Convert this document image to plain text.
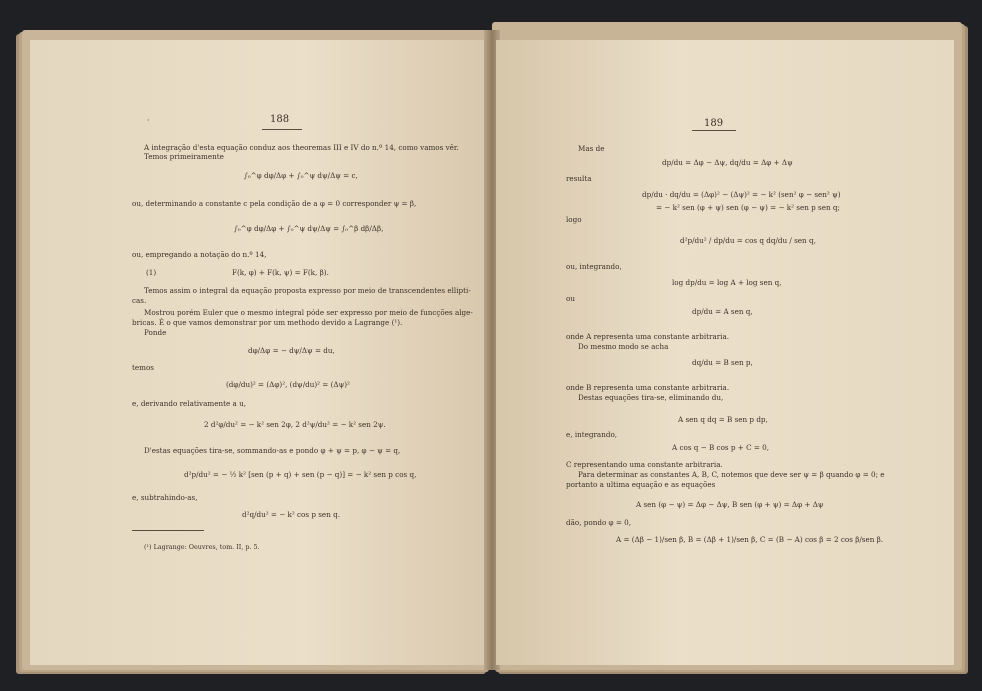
·	188
A integração d'esta equação conduz aos theoremas III e IV do n.º 14, como vamos vêr.
Temos primeiramente
∫₀^φ dφ/Δφ + ∫₀^ψ dψ/Δψ = c,
ou, determinando a constante c pela condição de a φ = 0 corresponder ψ = β,
∫₀^φ dφ/Δφ + ∫₀^ψ dψ/Δψ = ∫₀^β dβ/Δβ,
ou, empregando a notação do n.º 14,
(1)	F(k, φ) + F(k, ψ) = F(k, β).
Temos assim o integral da equação proposta expresso por meio de transcendentes ellipti-
cas.
Mostrou porém Euler que o mesmo integral póde ser expresso por meio de funcções alge-
bricas. É o que vamos demonstrar por um methodo devido a Lagrange (¹).
Ponde
dφ/Δφ = − dψ/Δψ = du,
temos
(dφ/du)² = (Δφ)², (dψ/du)² = (Δψ)²
e, derivando relativamente a u,
2 d²φ/du² = − k² sen 2φ, 2 d²ψ/du² = − k² sen 2ψ.
D'estas equações tira-se, sommando-as e pondo φ + ψ = p, φ − ψ = q,
d²p/du² = − ½ k² [sen (p + q) + sen (p − q)] = − k² sen p cos q,
e, subtrahindo-as,
d²q/du² = − k² cos p sen q.
(¹) Lagrange: Oeuvres, tom. II, p. 5.
189
Mas de
dp/du = Δφ − Δψ, dq/du = Δφ + Δψ
resulta
dp/du · dq/du = (Δφ)² − (Δψ)² = − k² (sen² φ − sen² ψ)
= − k² sen (φ + ψ) sen (φ − ψ) = − k² sen p sen q;
logo
d²p/du² / dp/du = cos q dq/du / sen q,
ou, integrando,
log dp/du = log A + log sen q,
ou
dp/du = A sen q,
onde A representa uma constante arbitraria.
Do mesmo modo se acha
dq/du = B sen p,
onde B representa uma constante arbitraria.
Destas equações tira-se, eliminando du,
A sen q dq = B sen p dp,
e, integrando,
A cos q − B cos p + C = 0,
C representando uma constante arbitraria.
Para determinar as constantes A, B, C, notemos que deve ser ψ = β quando φ = 0; e
portanto a ultima equação e as equações
A sen (φ − ψ) = Δφ − Δψ, B sen (φ + ψ) = Δφ + Δψ
dão, pondo φ = 0,
A = (Δβ − 1)/sen β, B = (Δβ + 1)/sen β, C = (B − A) cos β = 2 cos β/sen β.
